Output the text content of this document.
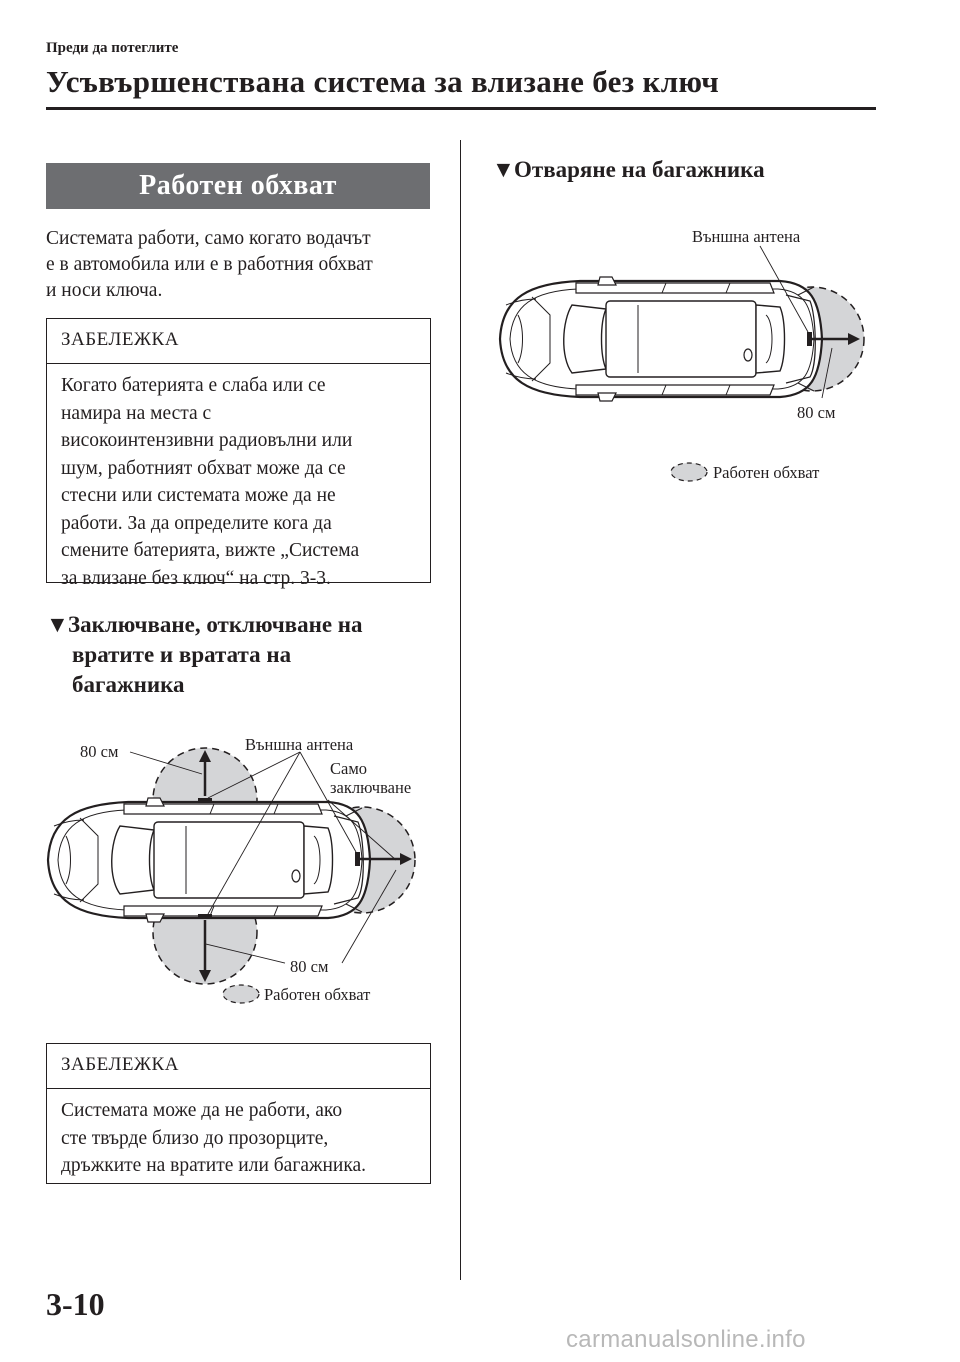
Преди да потеглите
Усъвършенствана система за влизане без ключ
Работен обхват
Системата работи, само когато водачът
е в автомобила или е в работния обхват
и носи ключа.
ЗАБЕЛЕЖКА
Когато батерията е слаба или се
намира на места с
високоинтензивни радиовълни или
шум, работният обхват може да се
стесни или системата може да не
работи. За да определите кога да
смените батерията, вижте „Система
за влизане без ключ“ на стр. 3-3.
▼Заключване, отключване на
вратите и вратата на
багажника
80 см	Външна антена
Само
заключване
80 см
Работен обхват
ЗАБЕЛЕЖКА
Системата може да не работи, ако
сте твърде близо до прозорците,
дръжките на вратите или багажника.
▼Отваряне на багажника
Външна антена
80 см
Работен обхват
3-10
carmanualsonline.info
